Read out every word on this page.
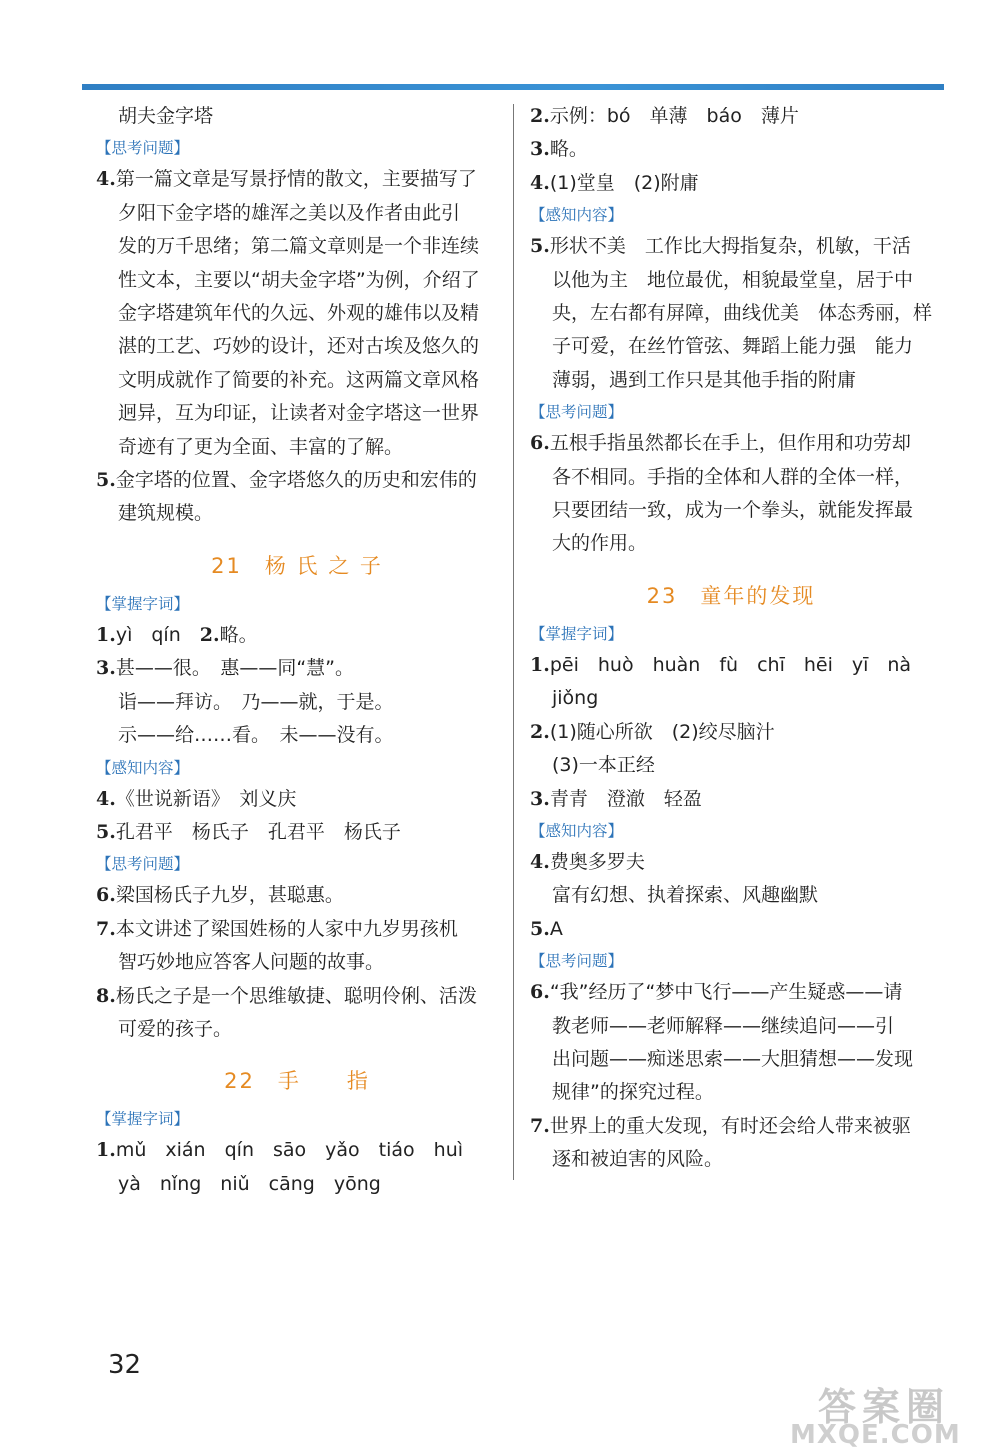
胡夫金字塔
【思考问题】
4.第一篇文章是写景抒情的散文，主要描写了
夕阳下金字塔的雄浑之美以及作者由此引
发的万千思绪；第二篇文章则是一个非连续
性文本，主要以“胡夫金字塔”为例，介绍了
金字塔建筑年代的久远、外观的雄伟以及精
湛的工艺、巧妙的设计，还对古埃及悠久的
文明成就作了简要的补充。这两篇文章风格
迥异，互为印证，让读者对金字塔这一世界
奇迹有了更为全面、丰富的了解。
5.金字塔的位置、金字塔悠久的历史和宏伟的
建筑规模。
21　杨 氏 之 子
【掌握字词】
1.yì　qín　2.略。
3.甚——很。　惠——同“慧”。
诣——拜访。　乃——就，于是。
示——给……看。　未——没有。
【感知内容】
4.《世说新语》　刘义庆
5.孔君平　杨氏子　孔君平　杨氏子
【思考问题】
6.梁国杨氏子九岁，甚聪惠。
7.本文讲述了梁国姓杨的人家中九岁男孩机
智巧妙地应答客人问题的故事。
8.杨氏之子是一个思维敏捷、聪明伶俐、活泼
可爱的孩子。
22　手　　指
【掌握字词】
1.mǔ　xián　qín　sāo　yǎo　tiáo　huì
yà　nǐng　niǔ　cāng　yōng
2.示例：bó　单薄　báo　薄片
3.略。
4.(1)堂皇　(2)附庸
【感知内容】
5.形状不美　工作比大拇指复杂，机敏，干活
以他为主　地位最优，相貌最堂皇，居于中
央，左右都有屏障，曲线优美　体态秀丽，样
子可爱，在丝竹管弦、舞蹈上能力强　能力
薄弱，遇到工作只是其他手指的附庸
【思考问题】
6.五根手指虽然都长在手上，但作用和功劳却
各不相同。手指的全体和人群的全体一样，
只要团结一致，成为一个拳头，就能发挥最
大的作用。
23　童年的发现
【掌握字词】
1.pēi　huò　huàn　fù　chī　hēi　yī　nà
jiǒng
2.(1)随心所欲　(2)绞尽脑汁
(3)一本正经
3.青青　澄澈　轻盈
【感知内容】
4.费奥多罗夫
富有幻想、执着探索、风趣幽默
5.A
【思考问题】
6.“我”经历了“梦中飞行——产生疑惑——请
教老师——老师解释——继续追问——引
出问题——痴迷思索——大胆猜想——发现
规律”的探究过程。
7.世界上的重大发现，有时还会给人带来被驱
逐和被迫害的风险。
32
答案圈
MXQE.COM
